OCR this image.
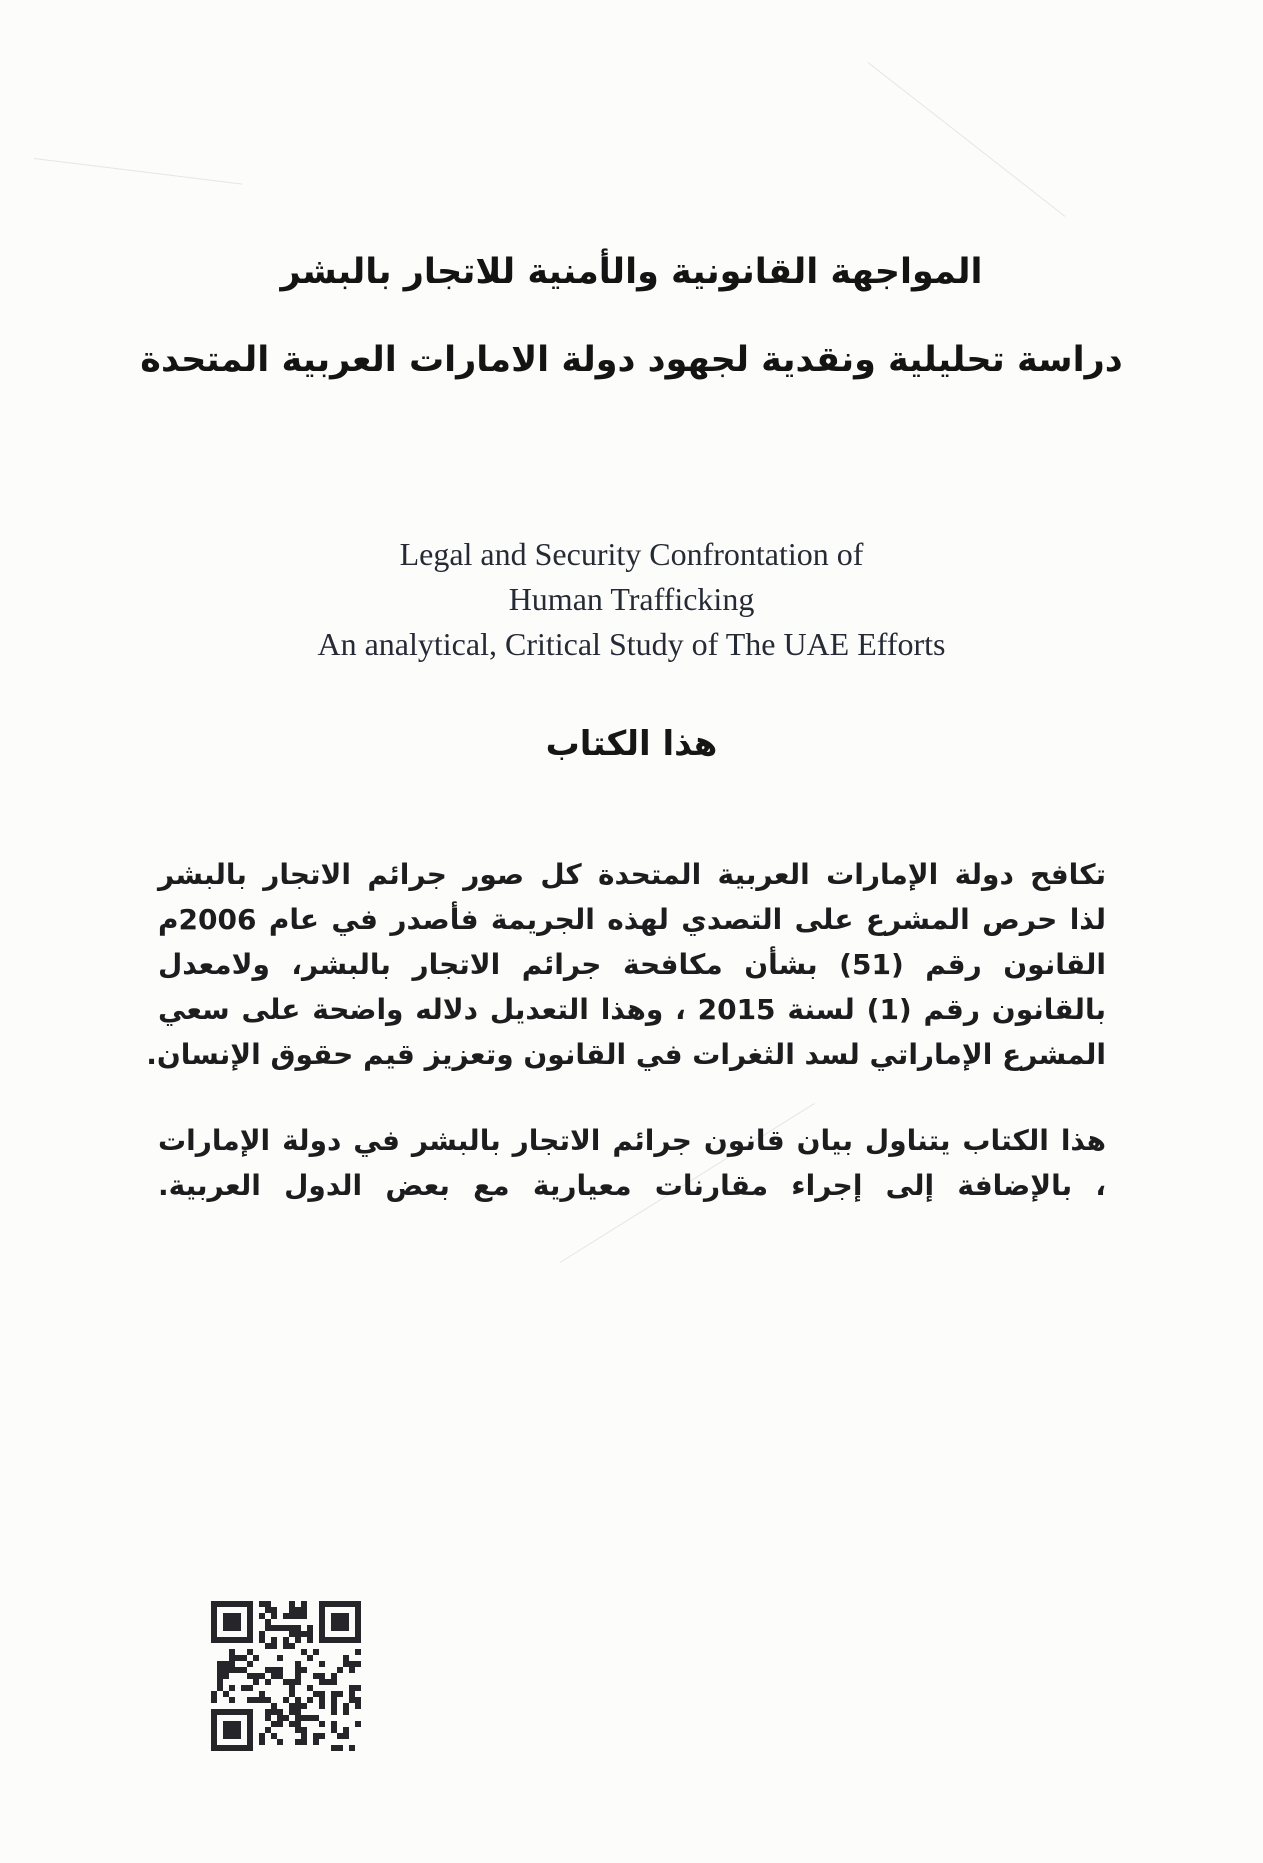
المواجهة القانونية والأمنية للاتجار بالبشر
دراسة تحليلية ونقدية لجهود دولة الامارات العربية المتحدة
Legal and Security Confrontation of
Human Trafficking
An analytical, Critical Study of The UAE Efforts
هذا الكتاب
تكافح دولة الإمارات العربية المتحدة كل صور جرائم الاتجار بالبشر
لذا حرص المشرع على التصدي لهذه الجريمة فأصدر في عام 2006م
القانون رقم (51) بشأن مكافحة جرائم الاتجار بالبشر، ولامعدل
بالقانون رقم (1) لسنة 2015 ، وهذا التعديل دلاله واضحة على سعي
المشرع الإماراتي لسد الثغرات في القانون وتعزيز قيم حقوق الإنسان.
هذا الكتاب يتناول بيان قانون جرائم الاتجار بالبشر في دولة الإمارات
، بالإضافة إلى إجراء مقارنات معيارية مع بعض الدول العربية.
